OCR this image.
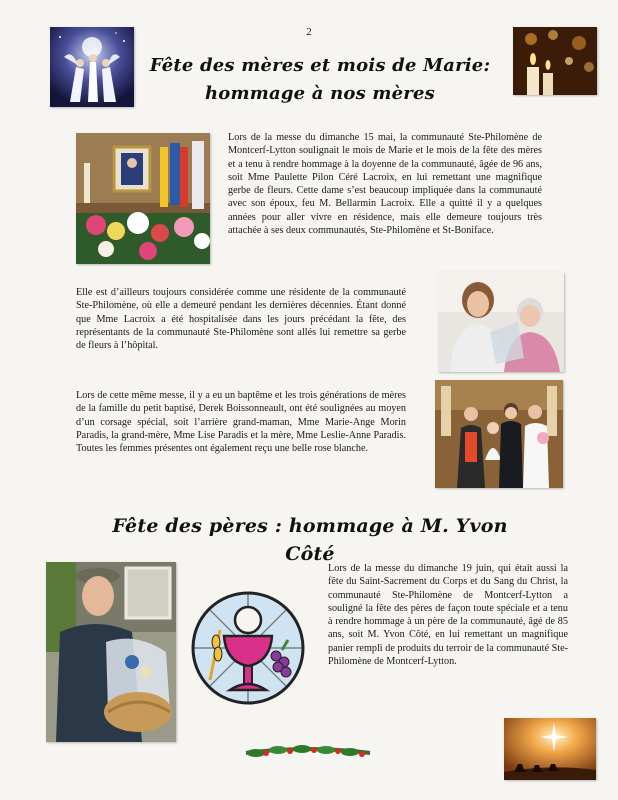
2
Fête des mères et mois de Marie:
hommage à nos mères

Lors de la messe du dimanche 15 mai, la communauté Ste-Philomène de Montcerf-Lytton soulignait le mois de Marie et le mois de la fête des mères et a tenu à rendre hommage à la doyenne de la communauté, âgée de 96 ans, soit Mme Paulette Pilon Céré Lacroix, en lui remettant une magnifique gerbe de fleurs. Cette dame s’est beaucoup impliquée dans la communauté avec son époux, feu M. Bellarmin Lacroix. Elle a quitté il y a quelques années pour aller vivre en résidence, mais elle demeure toujours très attachée à ses deux communautés, Ste-Philomène et St-Boniface.

Elle est d’ailleurs toujours considérée comme une résidente de la communauté Ste-Philomène, où elle a demeuré pendant les dernières décennies. Étant donné que Mme Lacroix a été hospitalisée dans les jours précédant la fête, des représentants de la communauté Ste-Philomène sont allés lui remettre sa gerbe de fleurs à l’hôpital.

Lors de cette même messe, il y a eu un baptême et les trois générations de mères de la famille du petit baptisé, Derek Boissonneault, ont été soulignées au moyen d’un corsage spécial, soit l’arrière grand-maman, Mme Marie-Ange Morin Paradis, la grand-mère, Mme Lise Paradis et la mère, Mme Leslie-Anne Paradis. Toutes les femmes présentes ont également reçu une belle rose blanche.

Fête des pères : hommage à M. Yvon Côté

Lors de la messe du dimanche 19 juin, qui était aussi la fête du Saint-Sacrement du Corps et du Sang du Christ, la communauté Ste-Philomène de Montcerf-Lytton a souligné la fête des pères de façon toute spéciale et a tenu à rendre hommage à un père de la communauté, âgé de 85 ans, soit M. Yvon Côté, en lui remettant un magnifique panier rempli de produits du terroir de la communauté Ste-Philomène de Montcerf-Lytton.
